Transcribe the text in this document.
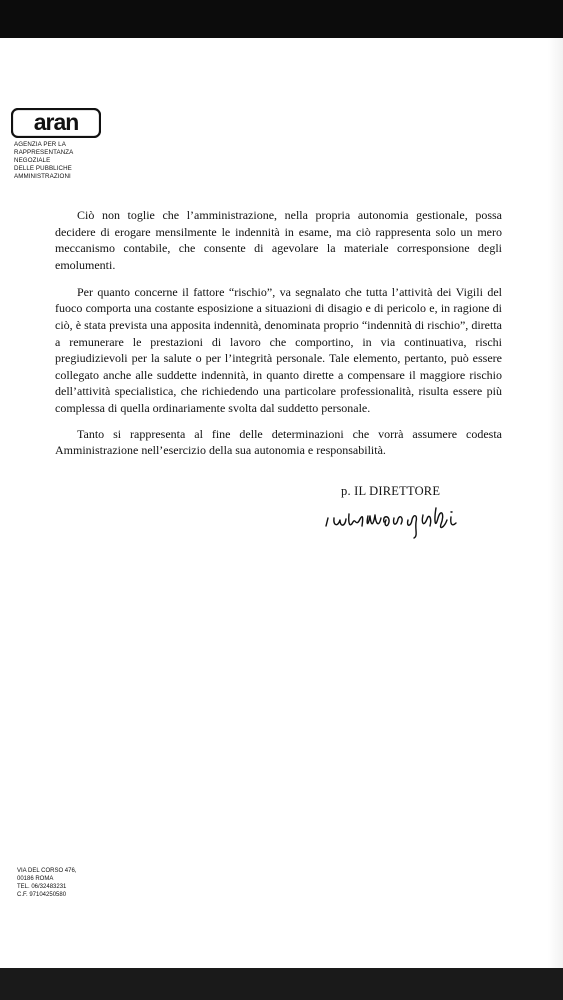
aran
AGENZIA PER LA
RAPPRESENTANZA
NEGOZIALE
DELLE PUBBLICHE
AMMINISTRAZIONI

Ciò non toglie che l’amministrazione, nella propria autonomia gestionale, possa decidere di erogare mensilmente le indennità in esame, ma ciò rappresenta solo un mero meccanismo contabile, che consente di agevolare la materiale corresponsione degli emolumenti.

Per quanto concerne il fattore “rischio”, va segnalato che tutta l’attività dei Vigili del fuoco comporta una costante esposizione a situazioni di disagio e di pericolo e, in ragione di ciò, è stata prevista una apposita indennità, denominata proprio “indennità di rischio”, diretta a remunerare le prestazioni di lavoro che comportino, in via continuativa, rischi pregiudizievoli per la salute o per l’integrità personale. Tale elemento, pertanto, può essere collegato anche alle suddette indennità, in quanto dirette a compensare il maggiore rischio dell’attività specialistica, che richiedendo una particolare professionalità, risulta essere più complessa di quella ordinariamente svolta dal suddetto personale.

Tanto si rappresenta al fine delle determinazioni che vorrà assumere codesta Amministrazione nell’esercizio della sua autonomia e responsabilità.

p. IL DIRETTORE
VIA DEL CORSO 476,
00186 ROMA
TEL. 06/32483231
C.F. 97104250580
